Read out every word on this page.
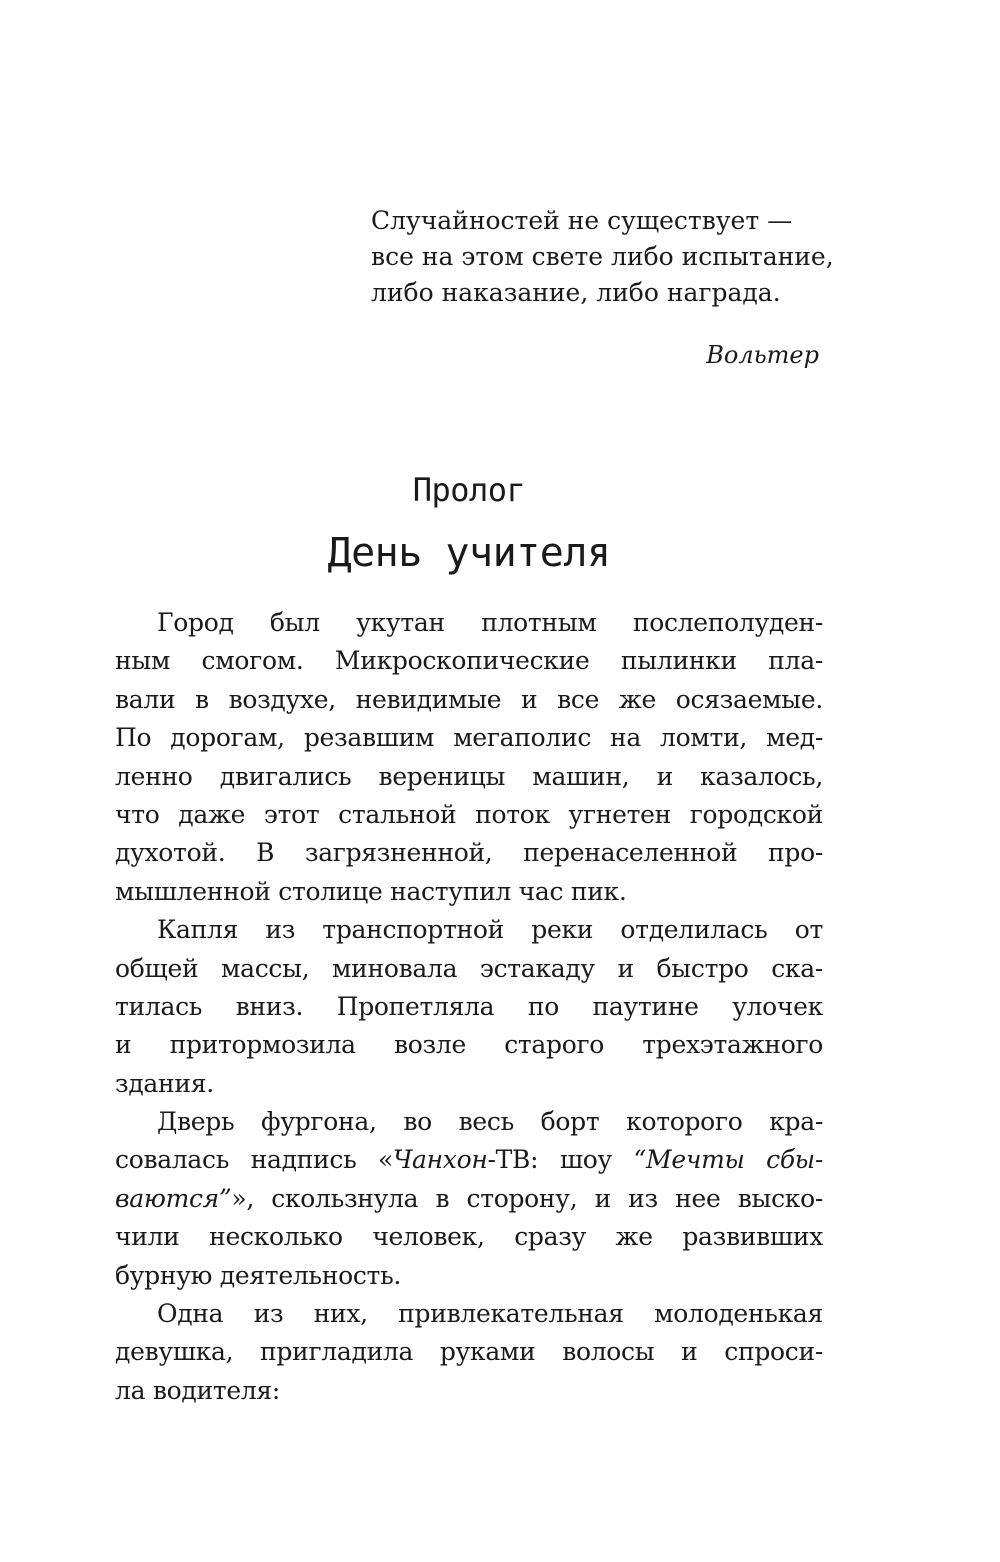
Случайностей не существует —
все на этом свете либо испытание,
либо наказание, либо награда.

Вольтер
Пролог
День учителя

Город был укутан плотным послеполуден-
ным смогом. Микроскопические пылинки пла-
вали в воздухе, невидимые и все же осязаемые.
По дорогам, резавшим мегаполис на ломти, мед-
ленно двигались вереницы машин, и казалось,
что даже этот стальной поток угнетен городской
духотой. В загрязненной, перенаселенной про-
мышленной столице наступил час пик.

Капля из транспортной реки отделилась от
общей массы, миновала эстакаду и быстро ска-
тилась вниз. Пропетляла по паутине улочек
и притормозила возле старого трехэтажного
здания.

Дверь фургона, во весь борт которого кра-
совалась надпись «Чанхон-ТВ: шоу “Мечты сбы-
ваются”», скользнула в сторону, и из нее выско-
чили несколько человек, сразу же развивших
бурную деятельность.

Одна из них, привлекательная молоденькая
девушка, пригладила руками волосы и спроси-
ла водителя:
